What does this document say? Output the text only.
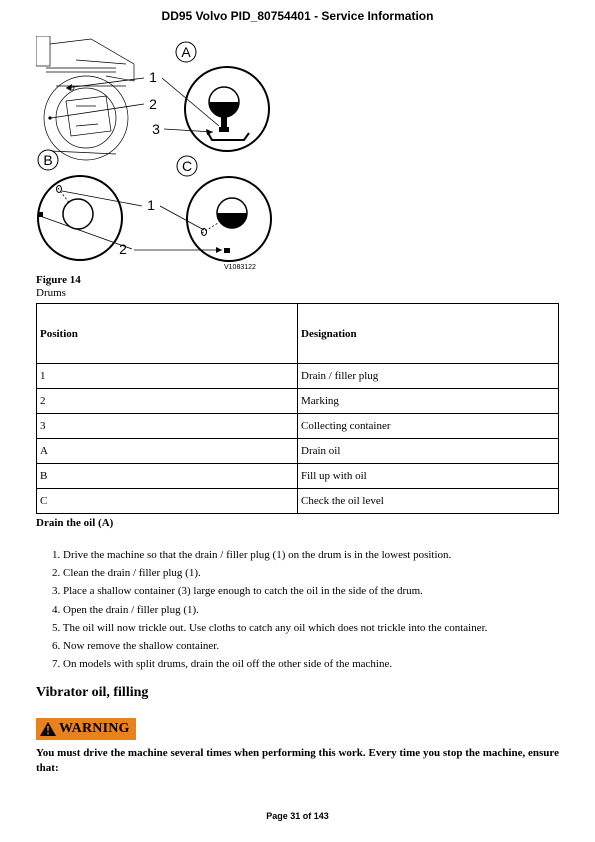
DD95 Volvo PID_80754401 - Service Information
A
B	C
1
2
3
1
2
V1083122
Figure 14
Drums
Position	Designation
1	Drain / filler plug
2	Marking
3	Collecting container
A	Drain oil
B	Fill up with oil
C	Check the oil level
Drain the oil (A)
1. Drive the machine so that the drain / filler plug (1) on the drum is in the lowest position.
2. Clean the drain / filler plug (1).
3. Place a shallow container (3) large enough to catch the oil in the side of the drum.
4. Open the drain / filler plug (1).
5. The oil will now trickle out. Use cloths to catch any oil which does not trickle into the container.
6. Now remove the shallow container.
7. On models with split drums, drain the oil off the other side of the machine.
Vibrator oil, filling
WARNING
You must drive the machine several times when performing this work. Every time you stop the machine, ensure that:
Page 31 of 143
